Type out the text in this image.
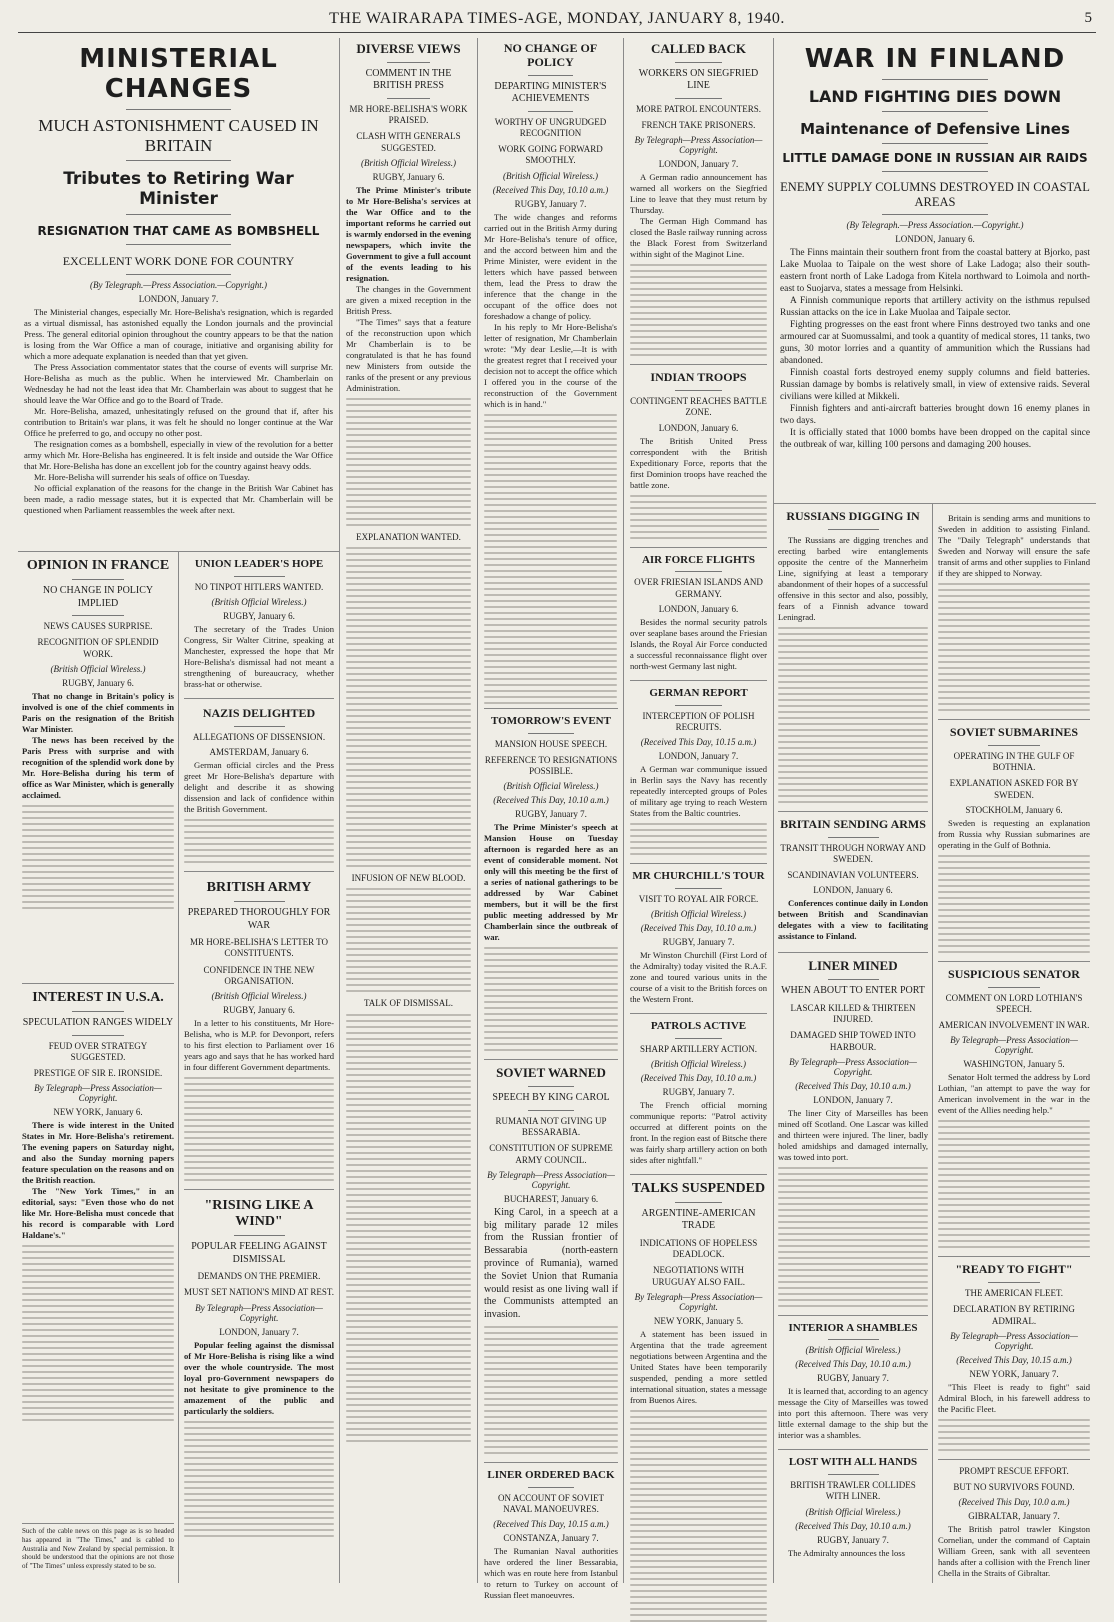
THE WAIRARAPA TIMES-AGE, MONDAY, JANUARY 8, 1940.	5
MINISTERIAL CHANGES
MUCH ASTONISHMENT CAUSED IN BRITAIN
Tributes to Retiring War Minister
RESIGNATION THAT CAME AS BOMBSHELL
EXCELLENT WORK DONE FOR COUNTRY

(By Telegraph.—Press Association.—Copyright.)

LONDON, January 7.

The Ministerial changes, especially Mr. Hore-Belisha's resignation, which is regarded as a virtual dismissal, has astonished equally the London journals and the provincial Press. The general editorial opinion throughout the country appears to be that the nation is losing from the War Office a man of courage, initiative and organising ability for which a more adequate explanation is needed than that yet given.
The Press Association commentator states that the course of events will surprise Mr. Hore-Belisha as much as the public. When he interviewed Mr. Chamberlain on Wednesday he had not the least idea that Mr. Chamberlain was about to suggest that he should leave the War Office and go to the Board of Trade.
Mr. Hore-Belisha, amazed, unhesitatingly refused on the ground that if, after his contribution to Britain's war plans, it was felt he should no longer continue at the War Office he preferred to go, and occupy no other post.
The resignation comes as a bombshell, especially in view of the revolution for a better army which Mr. Hore-Belisha has engineered. It is felt inside and outside the War Office that Mr. Hore-Belisha has done an excellent job for the country against heavy odds.
Mr. Hore-Belisha will surrender his seals of office on Tuesday.
No official explanation of the reasons for the change in the British War Cabinet has been made, a radio message states, but it is expected that Mr. Chamberlain will be questioned when Parliament reassembles the week after next.
OPINION IN FRANCE

NO CHANGE IN POLICY IMPLIED

NEWS CAUSES SURPRISE.

RECOGNITION OF SPLENDID WORK.

(British Official Wireless.)

RUGBY, January 6.

That no change in Britain's policy is involved is one of the chief comments in Paris on the resignation of the British War Minister.
The news has been received by the Paris Press with surprise and with recognition of the splendid work done by Mr. Hore-Belisha during his term of office as War Minister, which is generally acclaimed.
INTEREST IN U.S.A.

SPECULATION RANGES WIDELY

FEUD OVER STRATEGY SUGGESTED.

PRESTIGE OF SIR E. IRONSIDE.

By Telegraph—Press Association—Copyright.

NEW YORK, January 6.

There is wide interest in the United States in Mr. Hore-Belisha's retirement. The evening papers on Saturday night, and also the Sunday morning papers feature speculation on the reasons and on the British reaction.
The "New York Times," in an editorial, says: "Even those who do not like Mr. Hore-Belisha must concede that his record is comparable with Lord Haldane's."
Such of the cable news on this page as is so headed has appeared in "The Times," and is cabled to Australia and New Zealand by special permission. It should be understood that the opinions are not those of "The Times" unless expressly stated to be so.
UNION LEADER'S HOPE

NO TINPOT HITLERS WANTED.

(British Official Wireless.)

RUGBY, January 6.

The secretary of the Trades Union Congress, Sir Walter Citrine, speaking at Manchester, expressed the hope that Mr Hore-Belisha's dismissal had not meant a strengthening of bureaucracy, whether brass-hat or otherwise.
NAZIS DELIGHTED

ALLEGATIONS OF DISSENSION.

AMSTERDAM, January 6.

German official circles and the Press greet Mr Hore-Belisha's departure with delight and describe it as showing dissension and lack of confidence within the British Government.
BRITISH ARMY

PREPARED THOROUGHLY FOR WAR

MR HORE-BELISHA'S LETTER TO CONSTITUENTS.

CONFIDENCE IN THE NEW ORGANISATION.

(British Official Wireless.)

RUGBY, January 6.

In a letter to his constituents, Mr Hore-Belisha, who is M.P. for Devonport, refers to his first election to Parliament over 16 years ago and says that he has worked hard in four different Government departments.
"RISING LIKE A WIND"

POPULAR FEELING AGAINST DISMISSAL

DEMANDS ON THE PREMIER.

MUST SET NATION'S MIND AT REST.

By Telegraph—Press Association—Copyright.

LONDON, January 7.

Popular feeling against the dismissal of Mr Hore-Belisha is rising like a wind over the whole countryside. The most loyal pro-Government newspapers do not hesitate to give prominence to the amazement of the public and particularly the soldiers.
DIVERSE VIEWS

COMMENT IN THE BRITISH PRESS

MR HORE-BELISHA'S WORK PRAISED.

CLASH WITH GENERALS SUGGESTED.

(British Official Wireless.)

RUGBY, January 6.

The Prime Minister's tribute to Mr Hore-Belisha's services at the War Office and to the important reforms he carried out is warmly endorsed in the evening newspapers, which invite the Government to give a full account of the events leading to his resignation.
The changes in the Government are given a mixed reception in the British Press.
"The Times" says that a feature of the reconstruction upon which Mr Chamberlain is to be congratulated is that he has found new Ministers from outside the ranks of the present or any previous Administration.

EXPLANATION WANTED.

INFUSION OF NEW BLOOD.

TALK OF DISMISSAL.

NO CHANGE OF POLICY

DEPARTING MINISTER'S ACHIEVEMENTS

WORTHY OF UNGRUDGED RECOGNITION

WORK GOING FORWARD SMOOTHLY.

(British Official Wireless.)

(Received This Day, 10.10 a.m.)

RUGBY, January 7.

The wide changes and reforms carried out in the British Army during Mr Hore-Belisha's tenure of office, and the accord between him and the Prime Minister, were evident in the letters which have passed between them, lead the Press to draw the inference that the change in the occupant of the office does not foreshadow a change of policy.
In his reply to Mr Hore-Belisha's letter of resignation, Mr Chamberlain wrote: "My dear Leslie,—It is with the greatest regret that I received your decision not to accept the office which I offered you in the course of the reconstruction of the Government which is in hand."
TOMORROW'S EVENT

MANSION HOUSE SPEECH.

REFERENCE TO RESIGNATIONS POSSIBLE.

(British Official Wireless.)

(Received This Day, 10.10 a.m.)

RUGBY, January 7.

The Prime Minister's speech at Mansion House on Tuesday afternoon is regarded here as an event of considerable moment. Not only will this meeting be the first of a series of national gatherings to be addressed by War Cabinet members, but it will be the first public meeting addressed by Mr Chamberlain since the outbreak of war.
SOVIET WARNED

SPEECH BY KING CAROL

RUMANIA NOT GIVING UP BESSARABIA.

CONSTITUTION OF SUPREME ARMY COUNCIL.

By Telegraph—Press Association—Copyright.

BUCHAREST, January 6.

King Carol, in a speech at a big military parade 12 miles from the Russian frontier of Bessarabia (north-eastern province of Rumania), warned the Soviet Union that Rumania would resist as one living wall if the Communists attempted an invasion.
LINER ORDERED BACK

ON ACCOUNT OF SOVIET NAVAL MANOEUVRES.

(Received This Day, 10.15 a.m.)

CONSTANZA, January 7.

The Rumanian Naval authorities have ordered the liner Bessarabia, which was en route here from Istanbul to return to Turkey on account of Russian fleet manoeuvres.
CALLED BACK

WORKERS ON SIEGFRIED LINE

MORE PATROL ENCOUNTERS.

FRENCH TAKE PRISONERS.

By Telegraph—Press Association—Copyright.

LONDON, January 7.

A German radio announcement has warned all workers on the Siegfried Line to leave that they must return by Thursday.
The German High Command has closed the Basle railway running across the Black Forest from Switzerland within sight of the Maginot Line.
INDIAN TROOPS

CONTINGENT REACHES BATTLE ZONE.

LONDON, January 6.

The British United Press correspondent with the British Expeditionary Force, reports that the first Dominion troops have reached the battle zone.
AIR FORCE FLIGHTS

OVER FRIESIAN ISLANDS AND GERMANY.

LONDON, January 6.

Besides the normal security patrols over seaplane bases around the Friesian Islands, the Royal Air Force conducted a successful reconnaissance flight over north-west Germany last night.
GERMAN REPORT

INTERCEPTION OF POLISH RECRUITS.

(Received This Day, 10.15 a.m.)

LONDON, January 7.

A German war communique issued in Berlin says the Navy has recently repeatedly intercepted groups of Poles of military age trying to reach Western States from the Baltic countries.
MR CHURCHILL'S TOUR

VISIT TO ROYAL AIR FORCE.

(British Official Wireless.)

(Received This Day, 10.10 a.m.)

RUGBY, January 7.

Mr Winston Churchill (First Lord of the Admiralty) today visited the R.A.F. zone and toured various units in the course of a visit to the British forces on the Western Front.
PATROLS ACTIVE

SHARP ARTILLERY ACTION.

(British Official Wireless.)

(Received This Day, 10.10 a.m.)

RUGBY, January 7.

The French official morning communique reports: "Patrol activity occurred at different points on the front. In the region east of Bitsche there was fairly sharp artillery action on both sides after nightfall."
TALKS SUSPENDED

ARGENTINE-AMERICAN TRADE

INDICATIONS OF HOPELESS DEADLOCK.

NEGOTIATIONS WITH URUGUAY ALSO FAIL.

By Telegraph—Press Association—Copyright.

NEW YORK, January 5.

A statement has been issued in Argentina that the trade agreement negotiations between Argentina and the United States have been temporarily suspended, pending a more settled international situation, states a message from Buenos Aires.
WAR IN FINLAND
LAND FIGHTING DIES DOWN
Maintenance of Defensive Lines
LITTLE DAMAGE DONE IN RUSSIAN AIR RAIDS
ENEMY SUPPLY COLUMNS DESTROYED IN COASTAL AREAS

(By Telegraph.—Press Association.—Copyright.)

LONDON, January 6.

The Finns maintain their southern front from the coastal battery at Bjorko, past Lake Muolaa to Taipale on the west shore of Lake Ladoga; also their south-eastern front north of Lake Ladoga from Kitela northward to Loimola and north-east to Suojarva, states a message from Helsinki.
A Finnish communique reports that artillery activity on the isthmus repulsed Russian attacks on the ice in Lake Muolaa and Taipale sector.
Fighting progresses on the east front where Finns destroyed two tanks and one armoured car at Suomussalmi, and took a quantity of medical stores, 11 tanks, two guns, 30 motor lorries and a quantity of ammunition which the Russians had abandoned.
Finnish coastal forts destroyed enemy supply columns and field batteries. Russian damage by bombs is relatively small, in view of extensive raids. Several civilians were killed at Mikkeli.
Finnish fighters and anti-aircraft batteries brought down 16 enemy planes in two days.
It is officially stated that 1000 bombs have been dropped on the capital since the outbreak of war, killing 100 persons and damaging 200 houses.
RUSSIANS DIGGING IN
The Russians are digging trenches and erecting barbed wire entanglements opposite the centre of the Mannerheim Line, signifying at least a temporary abandonment of their hopes of a successful offensive in this sector and also, possibly, fears of a Finnish advance toward Leningrad.
BRITAIN SENDING ARMS

TRANSIT THROUGH NORWAY AND SWEDEN.

SCANDINAVIAN VOLUNTEERS.

LONDON, January 6.

Conferences continue daily in London between British and Scandinavian delegates with a view to facilitating assistance to Finland.
LINER MINED

WHEN ABOUT TO ENTER PORT

LASCAR KILLED & THIRTEEN INJURED.

DAMAGED SHIP TOWED INTO HARBOUR.

By Telegraph—Press Association—Copyright.

(Received This Day, 10.10 a.m.)

LONDON, January 7.

The liner City of Marseilles has been mined off Scotland. One Lascar was killed and thirteen were injured. The liner, badly holed amidships and damaged internally, was towed into port.
INTERIOR A SHAMBLES

(British Official Wireless.)

(Received This Day, 10.10 a.m.)

RUGBY, January 7.

It is learned that, according to an agency message the City of Marseilles was towed into port this afternoon. There was very little external damage to the ship but the interior was a shambles.
LOST WITH ALL HANDS

BRITISH TRAWLER COLLIDES WITH LINER.

(British Official Wireless.)

(Received This Day, 10.10 a.m.)

RUGBY, January 7.

The Admiralty announces the loss
Britain is sending arms and munitions to Sweden in addition to assisting Finland. The "Daily Telegraph" understands that Sweden and Norway will ensure the safe transit of arms and other supplies to Finland if they are shipped to Norway.
SOVIET SUBMARINES

OPERATING IN THE GULF OF BOTHNIA.

EXPLANATION ASKED FOR BY SWEDEN.

STOCKHOLM, January 6.

Sweden is requesting an explanation from Russia why Russian submarines are operating in the Gulf of Bothnia.
SUSPICIOUS SENATOR

COMMENT ON LORD LOTHIAN'S SPEECH.

AMERICAN INVOLVEMENT IN WAR.

By Telegraph—Press Association—Copyright.

WASHINGTON, January 5.

Senator Holt termed the address by Lord Lothian, "an attempt to pave the way for American involvement in the war in the event of the Allies needing help."
"READY TO FIGHT"

THE AMERICAN FLEET.

DECLARATION BY RETIRING ADMIRAL.

By Telegraph—Press Association—Copyright.

(Received This Day, 10.15 a.m.)

NEW YORK, January 7.

"This Fleet is ready to fight" said Admiral Bloch, in his farewell address to the Pacific Fleet.

PROMPT RESCUE EFFORT.

BUT NO SURVIVORS FOUND.

(Received This Day, 10.0 a.m.)

GIBRALTAR, January 7.

The British patrol trawler Kingston Cornelian, under the command of Captain William Green, sank with all seventeen hands after a collision with the French liner Chella in the Straits of Gibraltar.
